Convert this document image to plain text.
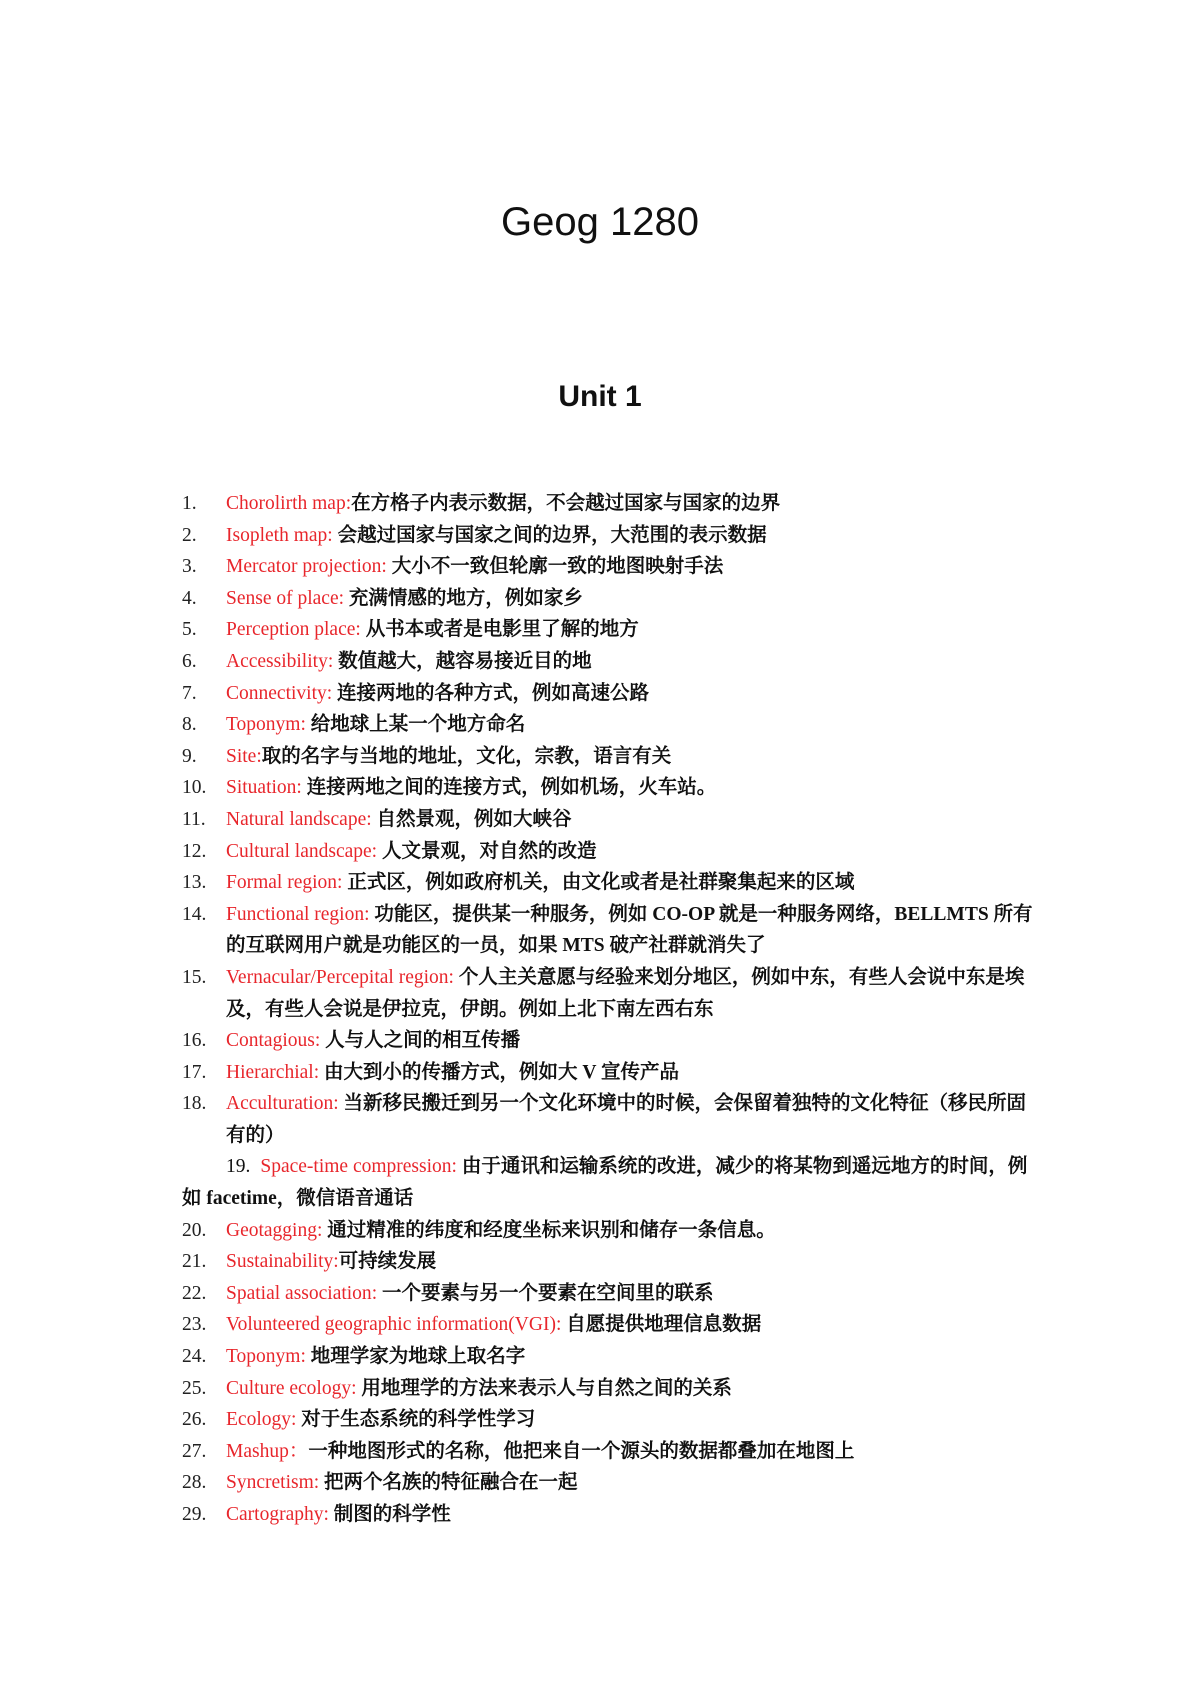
Geog 1280
Unit 1
1. Chorolirth map:在方格子内表示数据，不会越过国家与国家的边界
2. Isopleth map: 会越过国家与国家之间的边界，大范围的表示数据
3. Mercator projection: 大小不一致但轮廓一致的地图映射手法
4. Sense of place: 充满情感的地方，例如家乡
5. Perception place: 从书本或者是电影里了解的地方
6. Accessibility: 数值越大，越容易接近目的地
7. Connectivity: 连接两地的各种方式，例如高速公路
8. Toponym: 给地球上某一个地方命名
9. Site:取的名字与当地的地址，文化，宗教，语言有关
10. Situation: 连接两地之间的连接方式，例如机场，火车站。
11. Natural landscape: 自然景观，例如大峡谷
12. Cultural landscape: 人文景观，对自然的改造
13. Formal region: 正式区，例如政府机关，由文化或者是社群聚集起来的区域
14. Functional region: 功能区，提供某一种服务，例如 CO-OP 就是一种服务网络，BELLMTS 所有的互联网用户就是功能区的一员，如果 MTS 破产社群就消失了
15. Vernacular/Percepital region: 个人主关意愿与经验来划分地区，例如中东，有些人会说中东是埃及，有些人会说是伊拉克，伊朗。例如上北下南左西右东
16. Contagious: 人与人之间的相互传播
17. Hierarchial: 由大到小的传播方式，例如大 V 宣传产品
18. Acculturation: 当新移民搬迁到另一个文化环境中的时候，会保留着独特的文化特征（移民所固有的）
19. Space-time compression: 由于通讯和运输系统的改进，减少的将某物到遥远地方的时间，例如 facetime，微信语音通话
20. Geotagging: 通过精准的纬度和经度坐标来识别和储存一条信息。
21. Sustainability:可持续发展
22. Spatial association: 一个要素与另一个要素在空间里的联系
23. Volunteered geographic information(VGI): 自愿提供地理信息数据
24. Toponym: 地理学家为地球上取名字
25. Culture ecology: 用地理学的方法来表示人与自然之间的关系
26. Ecology: 对于生态系统的科学性学习
27. Mashup：一种地图形式的名称，他把来自一个源头的数据都叠加在地图上
28. Syncretism: 把两个名族的特征融合在一起
29. Cartography: 制图的科学性
